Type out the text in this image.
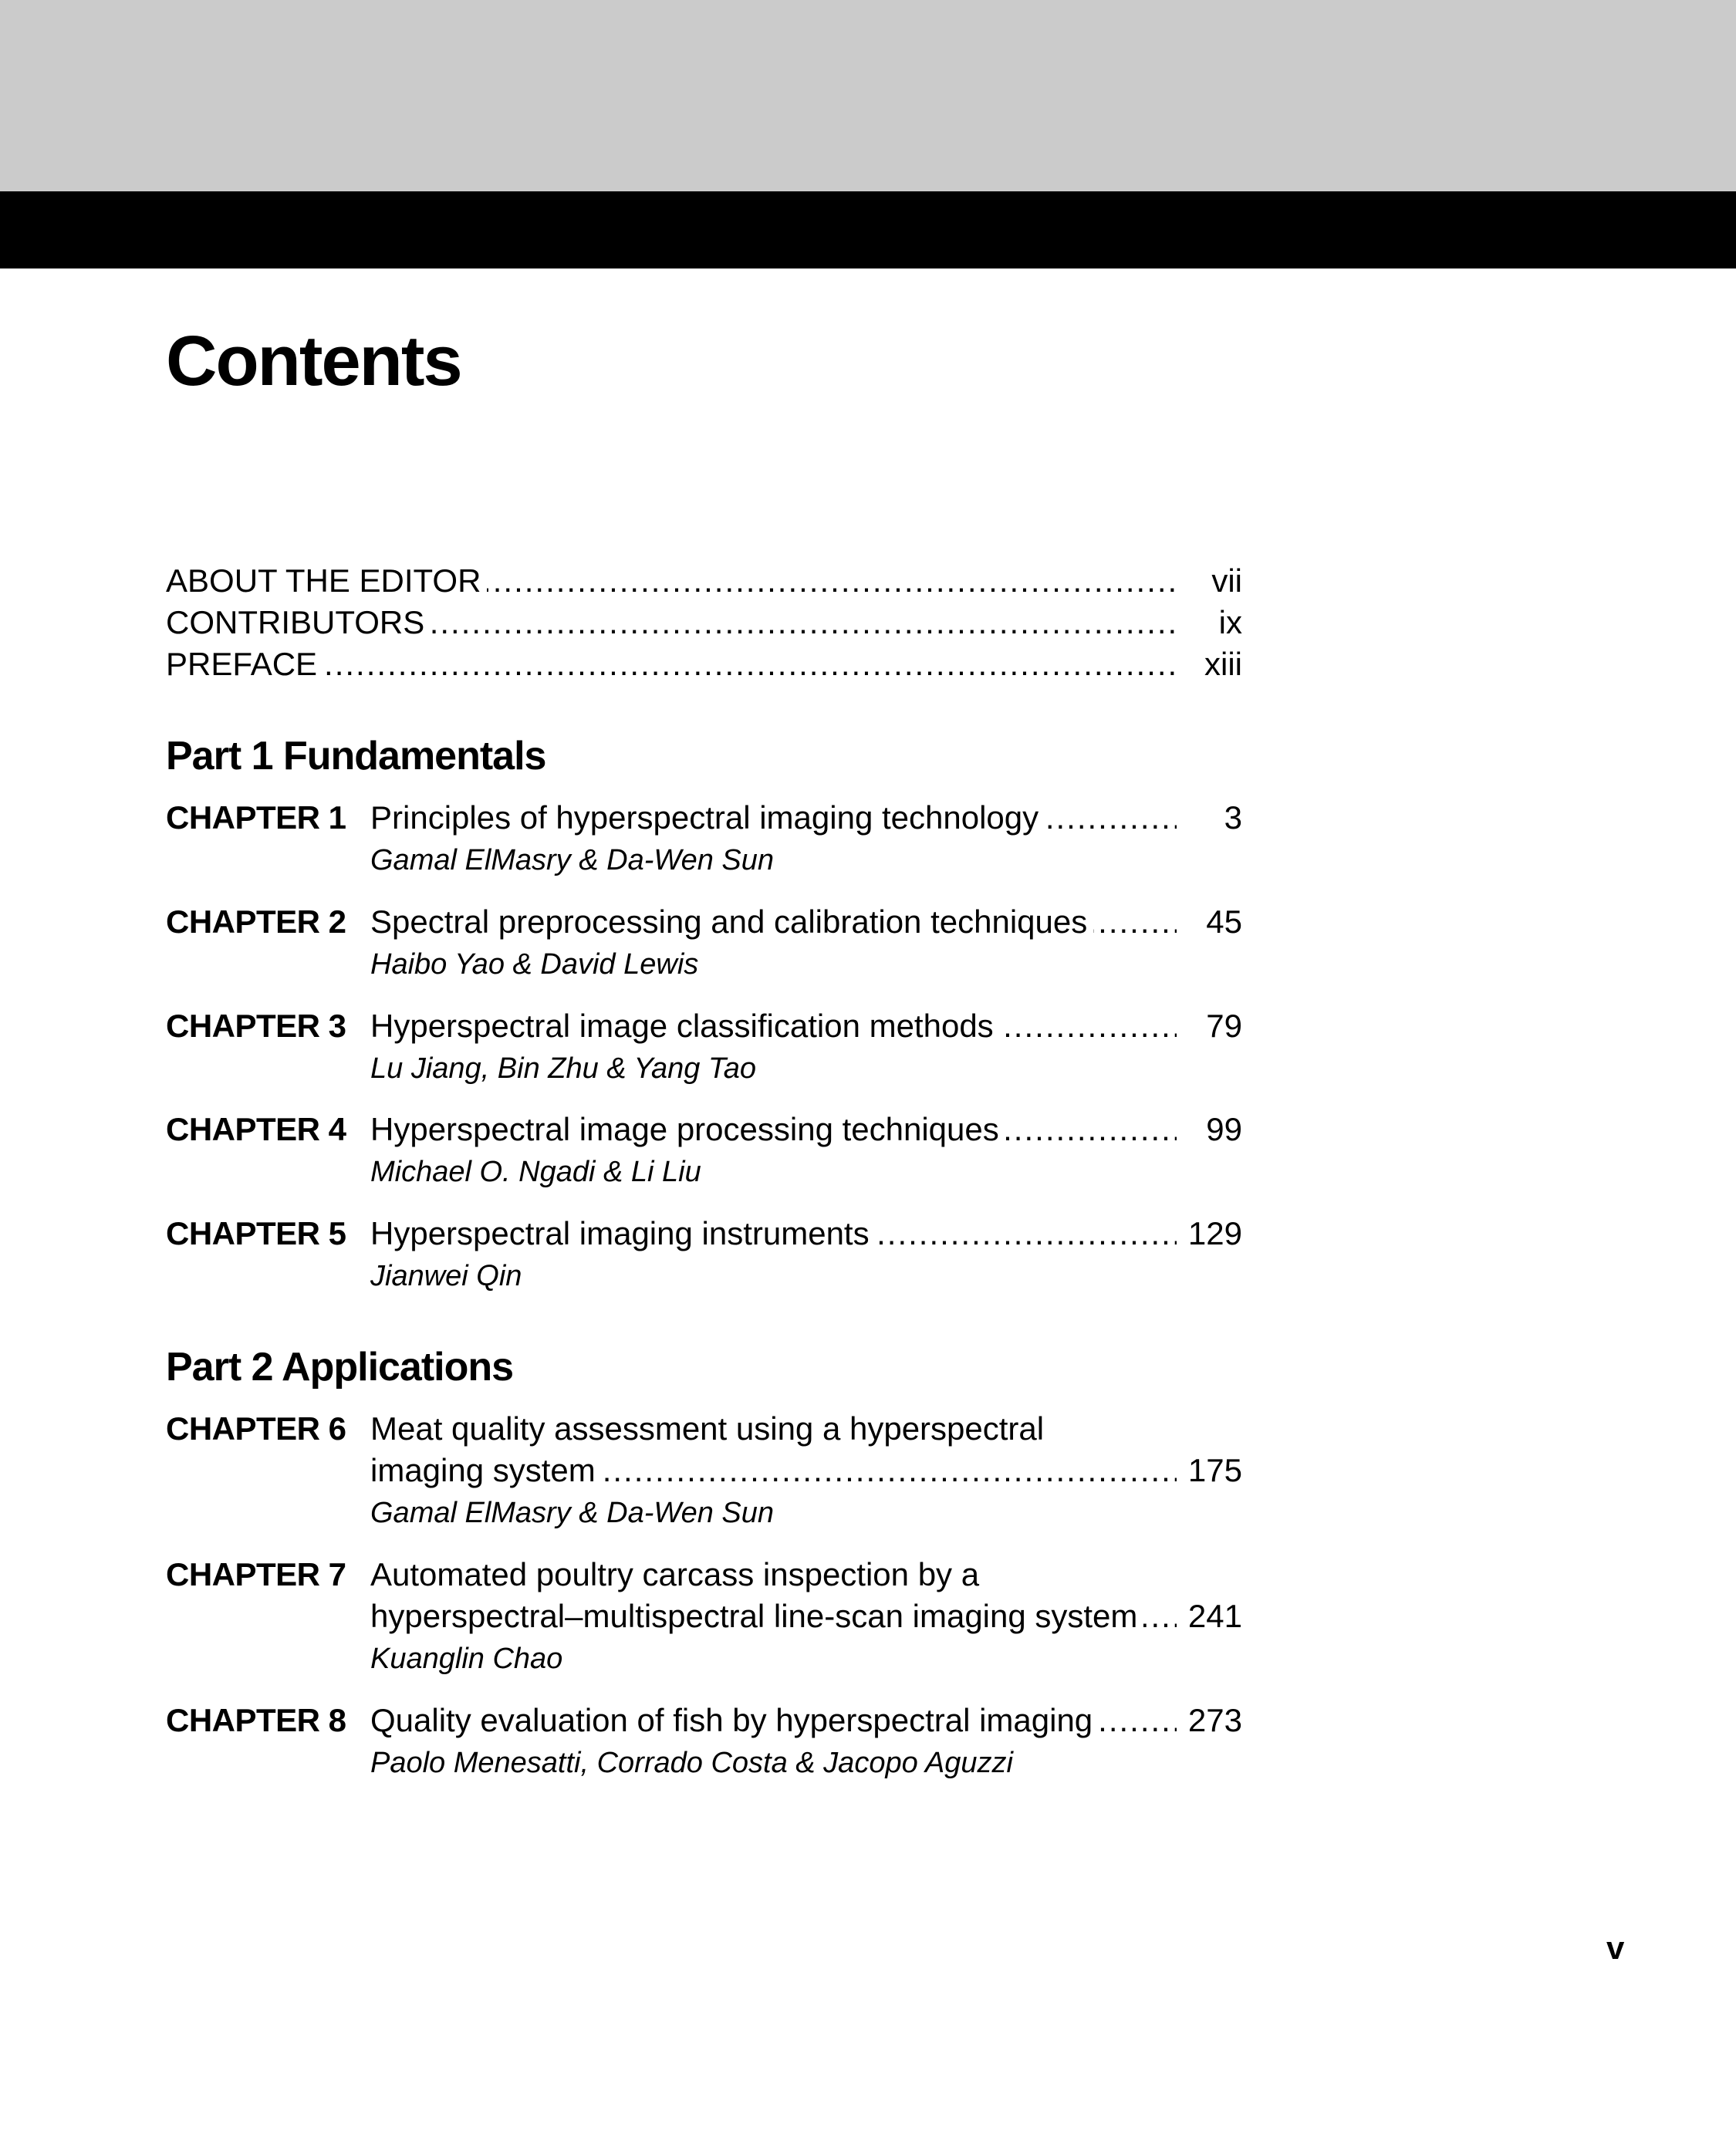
Contents
ABOUT THE EDITOR .....	vii
CONTRIBUTORS .....	ix
PREFACE .....	xiii
Part 1 Fundamentals
CHAPTER 1 Principles of hyperspectral imaging technology .....	3
Gamal ElMasry & Da-Wen Sun
CHAPTER 2 Spectral preprocessing and calibration techniques .....	45
Haibo Yao & David Lewis
CHAPTER 3 Hyperspectral image classification methods .....	79
Lu Jiang, Bin Zhu & Yang Tao
CHAPTER 4 Hyperspectral image processing techniques .....	99
Michael O. Ngadi & Li Liu
CHAPTER 5 Hyperspectral imaging instruments .....	129
Jianwei Qin
Part 2 Applications
CHAPTER 6 Meat quality assessment using a hyperspectral
imaging system .....	175
Gamal ElMasry & Da-Wen Sun
CHAPTER 7 Automated poultry carcass inspection by a
hyperspectral–multispectral line-scan imaging system .....	241
Kuanglin Chao
CHAPTER 8 Quality evaluation of fish by hyperspectral imaging .....	273
Paolo Menesatti, Corrado Costa & Jacopo Aguzzi
v
